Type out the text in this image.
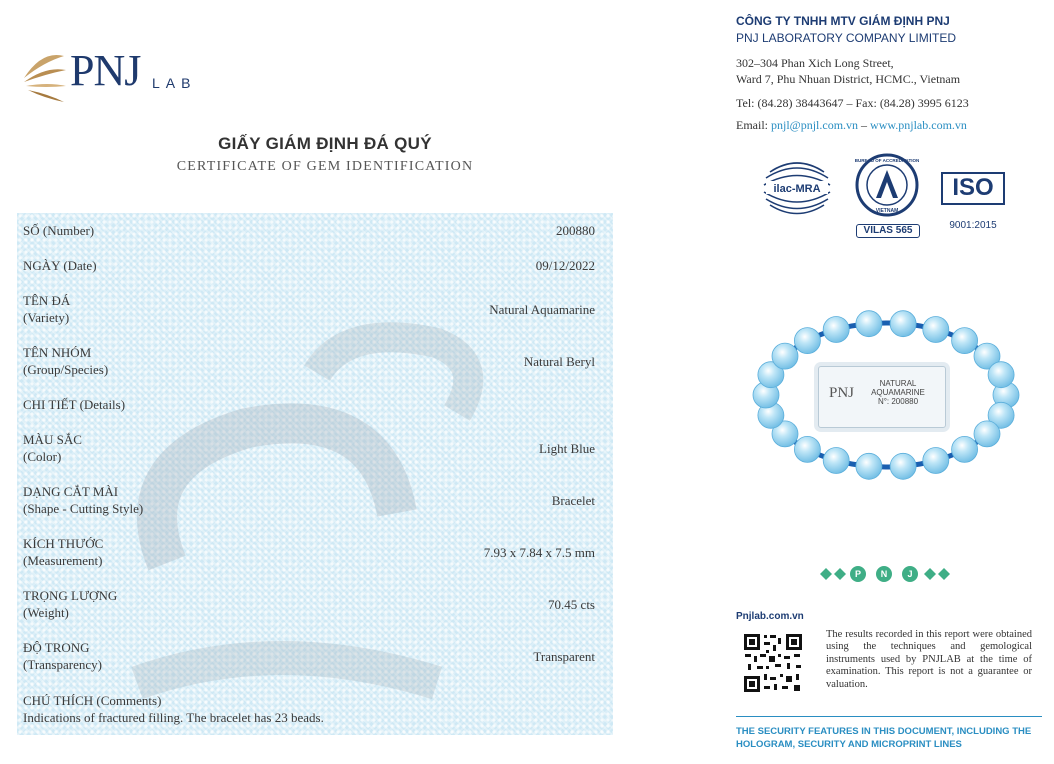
PNJ LAB
GIẤY GIÁM ĐỊNH ĐÁ QUÝ
CERTIFICATE OF GEM IDENTIFICATION
SỐ (Number)	200880
NGÀY (Date)	09/12/2022
TÊN ĐÁ
(Variety)
Natural Aquamarine
TÊN NHÓM
(Group/Species)
Natural Beryl
CHI TIẾT (Details)
MÀU SẮC
(Color)
Light Blue
DẠNG CẮT MÀI
(Shape - Cutting Style)
Bracelet
KÍCH THƯỚC
(Measurement)
7.93 x 7.84 x 7.5 mm
TRỌNG LƯỢNG
(Weight)
70.45 cts
ĐỘ TRONG
(Transparency)
Transparent
CHÚ THÍCH (Comments)
Indications of fractured filling. The bracelet has 23 beads.
CÔNG TY TNHH MTV GIÁM ĐỊNH PNJ
PNJ LABORATORY COMPANY LIMITED
302–304 Phan Xich Long Street,
Ward 7, Phu Nhuan District, HCMC., Vietnam
Tel: (84.28) 38443647 – Fax: (84.28) 3995 6123
Email: pnjl@pnjl.com.vn – www.pnjlab.com.vn
ilac-MRA
BUREAU OF ACCREDITATION
VIETNAM
VILAS 565
ISO
9001:2015
PNJ
NATURAL
AQUAMARINE
N°: 200880
N J
P
Pnjlab.com.vn
The results recorded in this report were obtained using the techniques and gemological instruments used by PNJLAB at the time of examination. This report is not a guarantee or valuation.
THE SECURITY FEATURES IN THIS DOCUMENT, INCLUDING THE HOLOGRAM, SECURITY AND MICROPRINT LINES
